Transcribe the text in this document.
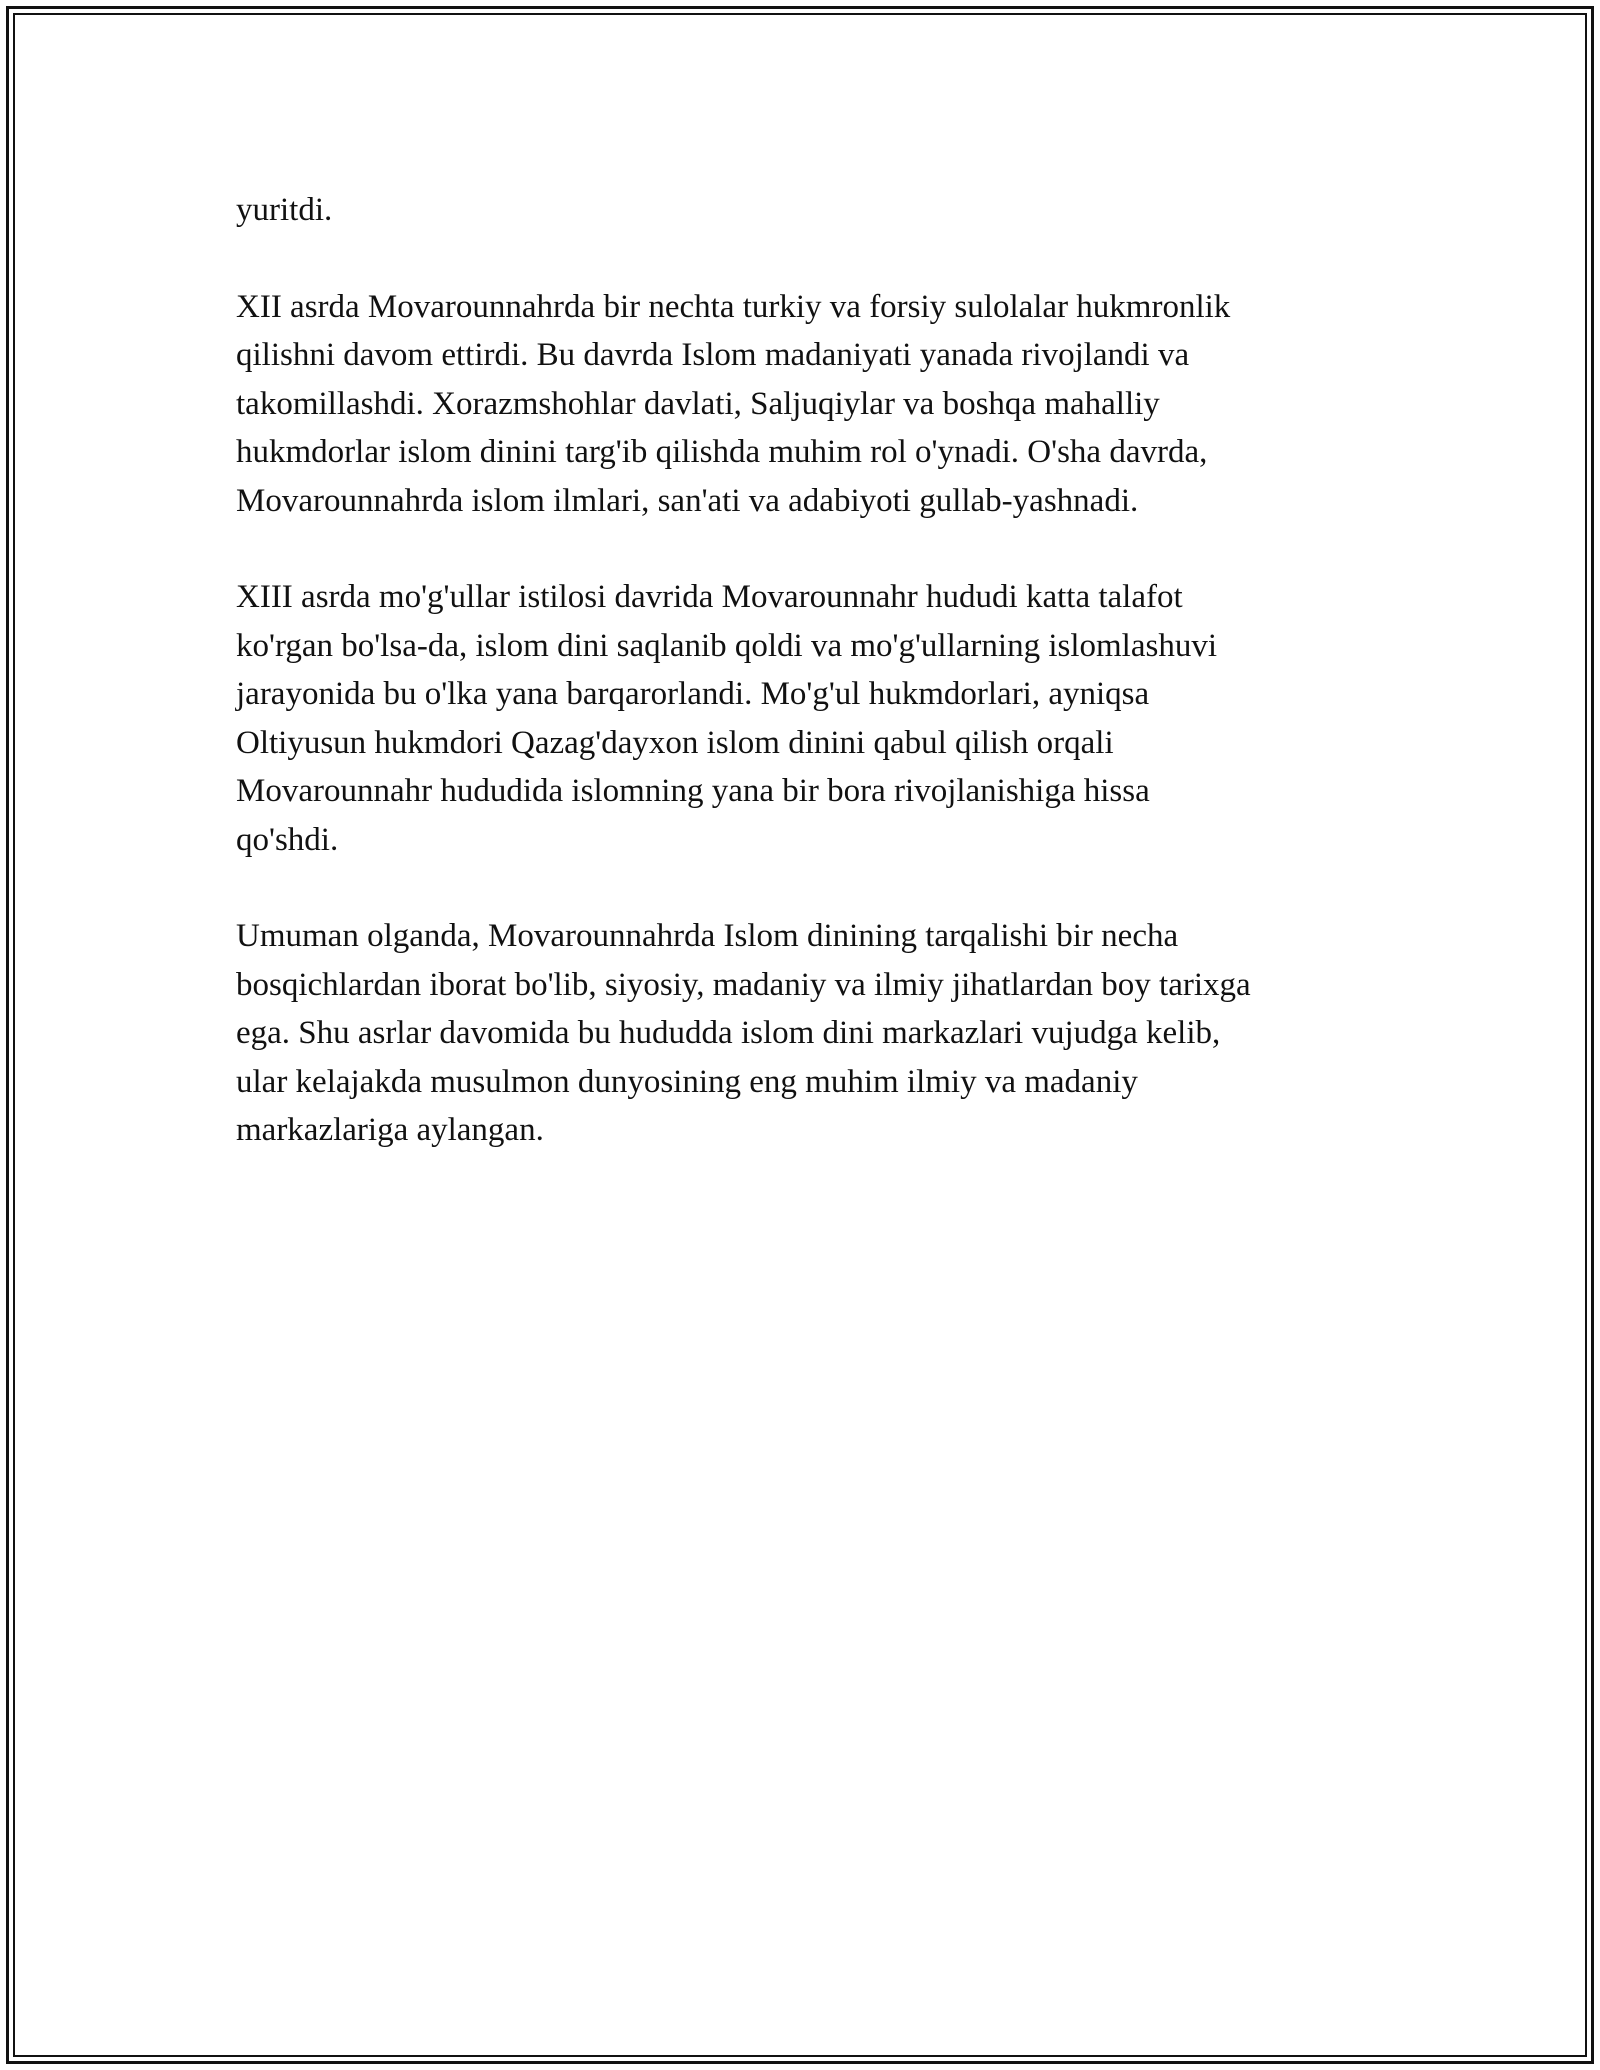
yuritdi.

XII asrda Movarounnahrda bir nechta turkiy va forsiy sulolalar hukmronlik
qilishni davom ettirdi. Bu davrda Islom madaniyati yanada rivojlandi va
takomillashdi. Xorazmshohlar davlati, Saljuqiylar va boshqa mahalliy
hukmdorlar islom dinini targ'ib qilishda muhim rol o'ynadi. O'sha davrda,
Movarounnahrda islom ilmlari, san'ati va adabiyoti gullab-yashnadi.

XIII asrda mo'g'ullar istilosi davrida Movarounnahr hududi katta talafot
ko'rgan bo'lsa-da, islom dini saqlanib qoldi va mo'g'ullarning islomlashuvi
jarayonida bu o'lka yana barqarorlandi. Mo'g'ul hukmdorlari, ayniqsa
Oltiyusun hukmdori Qazag'dayxon islom dinini qabul qilish orqali
Movarounnahr hududida islomning yana bir bora rivojlanishiga hissa
qo'shdi.

Umuman olganda, Movarounnahrda Islom dinining tarqalishi bir necha
bosqichlardan iborat bo'lib, siyosiy, madaniy va ilmiy jihatlardan boy tarixga
ega. Shu asrlar davomida bu hududda islom dini markazlari vujudga kelib,
ular kelajakda musulmon dunyosining eng muhim ilmiy va madaniy
markazlariga aylangan.
